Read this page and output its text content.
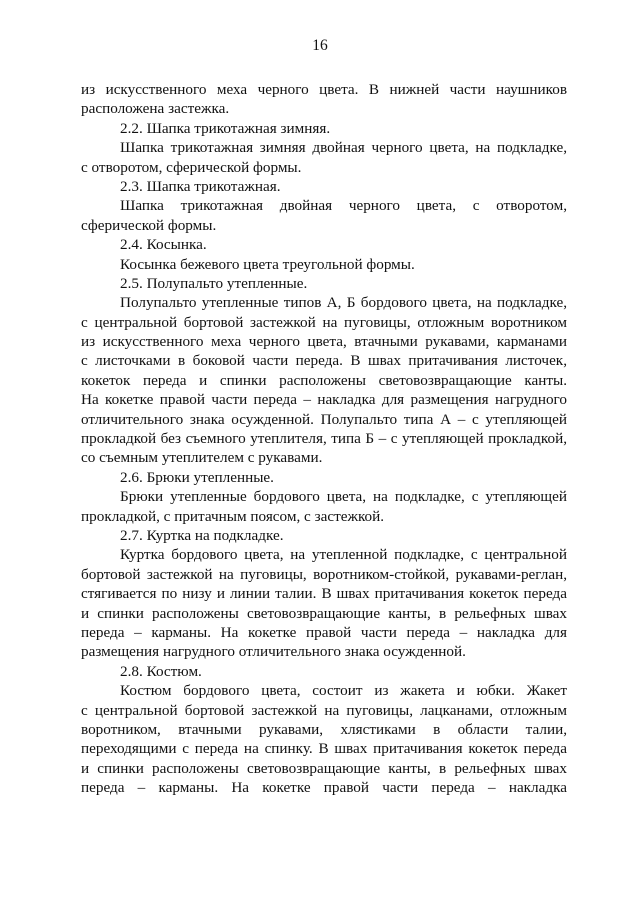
16
из искусственного меха черного цвета. В нижней части наушников
расположена застежка.
2.2. Шапка трикотажная зимняя.
Шапка трикотажная зимняя двойная черного цвета, на подкладке,
с отворотом, сферической формы.
2.3. Шапка трикотажная.
Шапка трикотажная двойная черного цвета, с отворотом,
сферической формы.
2.4. Косынка.
Косынка бежевого цвета треугольной формы.
2.5. Полупальто утепленные.
Полупальто утепленные типов А, Б бордового цвета, на подкладке,
с центральной бортовой застежкой на пуговицы, отложным воротником
из искусственного меха черного цвета, втачными рукавами, карманами
с листочками в боковой части переда. В швах притачивания листочек,
кокеток переда и спинки расположены световозвращающие канты.
На кокетке правой части переда – накладка для размещения нагрудного
отличительного знака осужденной. Полупальто типа А – с утепляющей
прокладкой без съемного утеплителя, типа Б – с утепляющей прокладкой,
со съемным утеплителем с рукавами.
2.6. Брюки утепленные.
Брюки утепленные бордового цвета, на подкладке, с утепляющей
прокладкой, с притачным поясом, с застежкой.
2.7. Куртка на подкладке.
Куртка бордового цвета, на утепленной подкладке, с центральной
бортовой застежкой на пуговицы, воротником-стойкой, рукавами-реглан,
стягивается по низу и линии талии. В швах притачивания кокеток переда
и спинки расположены световозвращающие канты, в рельефных швах
переда – карманы. На кокетке правой части переда – накладка для
размещения нагрудного отличительного знака осужденной.
2.8. Костюм.
Костюм бордового цвета, состоит из жакета и юбки. Жакет
с центральной бортовой застежкой на пуговицы, лацканами, отложным
воротником, втачными рукавами, хлястиками в области талии,
переходящими с переда на спинку. В швах притачивания кокеток переда
и спинки расположены световозвращающие канты, в рельефных швах
переда – карманы. На кокетке правой части переда – накладка
